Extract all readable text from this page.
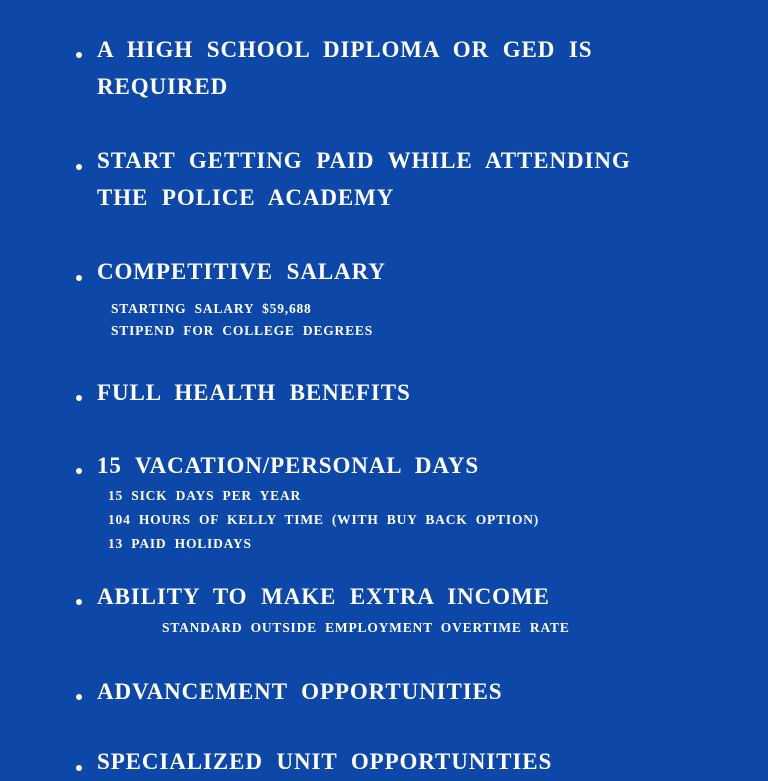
A HIGH SCHOOL DIPLOMA OR GED IS
REQUIRED
START GETTING PAID WHILE ATTENDING
THE POLICE ACADEMY
COMPETITIVE SALARY
STARTING SALARY $59,688
STIPEND FOR COLLEGE DEGREES
FULL HEALTH BENEFITS
15 VACATION/PERSONAL DAYS
15 SICK DAYS PER YEAR
104 HOURS OF KELLY TIME (WITH BUY BACK OPTION)
13 PAID HOLIDAYS
ABILITY TO MAKE EXTRA INCOME
STANDARD OUTSIDE EMPLOYMENT OVERTIME RATE
ADVANCEMENT OPPORTUNITIES
SPECIALIZED UNIT OPPORTUNITIES
